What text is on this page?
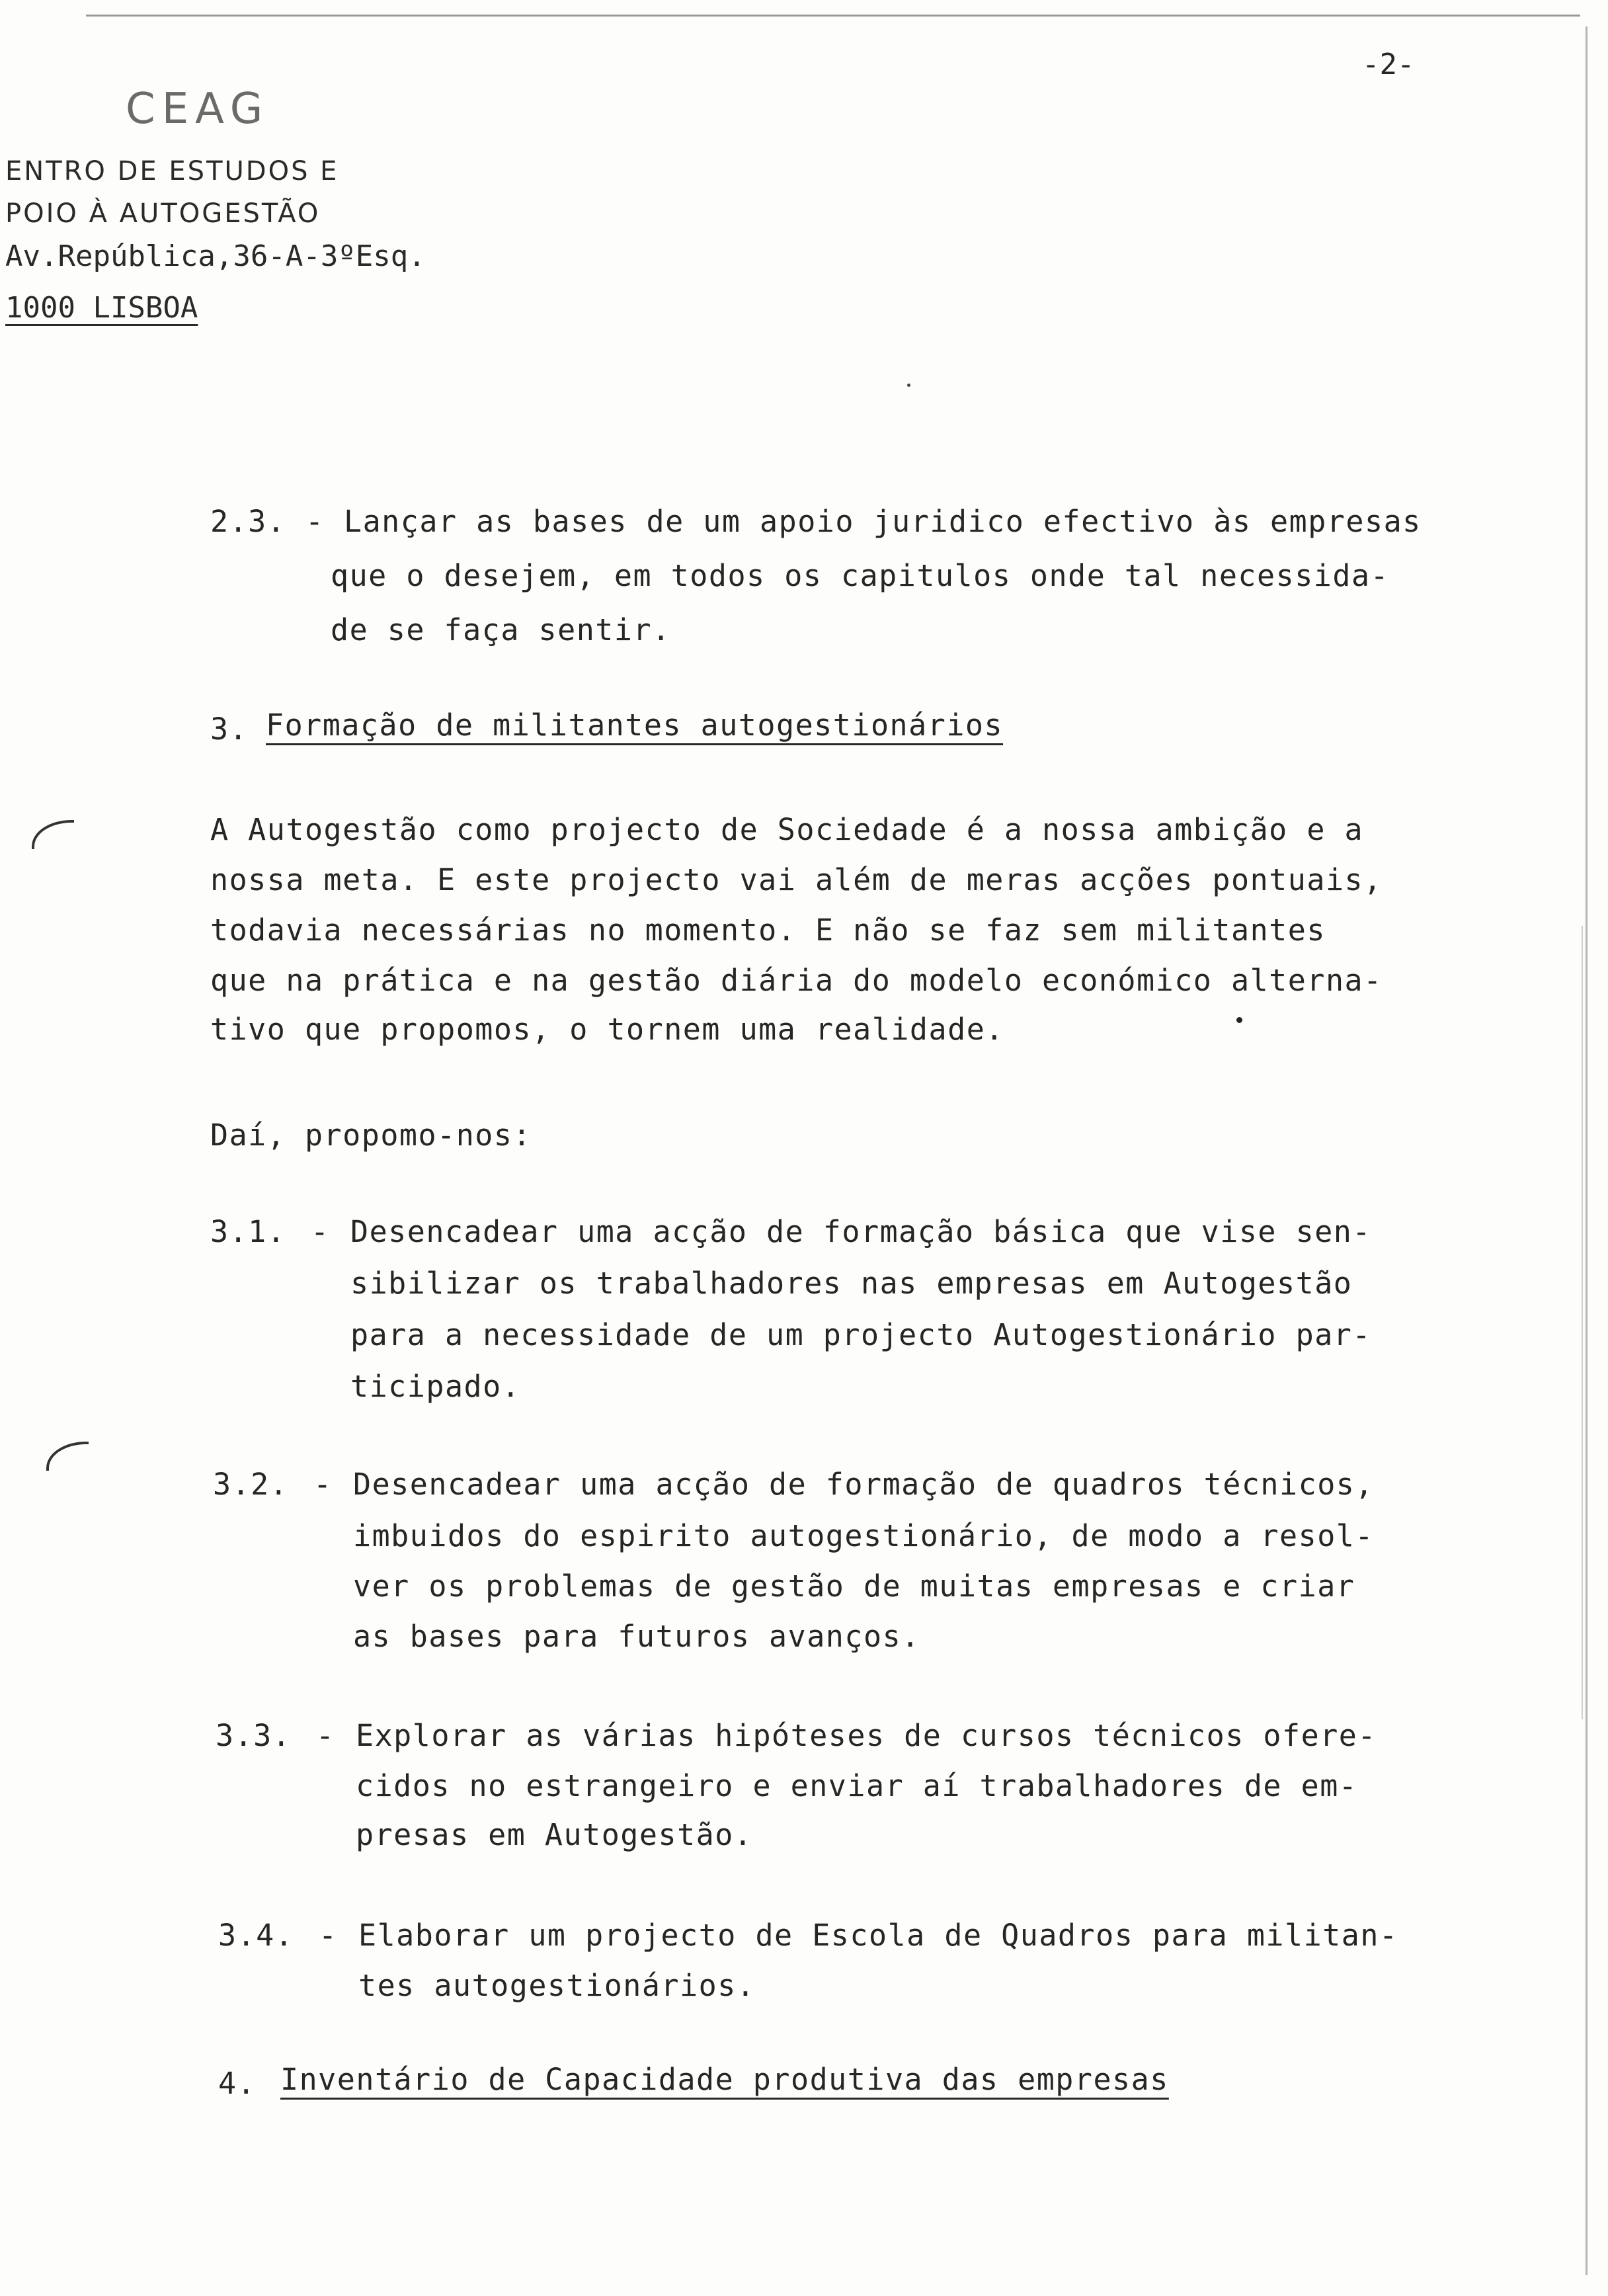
-2-
CEAG
ENTRO DE ESTUDOS E
POIO À AUTOGESTÃO
Av.República,36-A-3ºEsq.
1000 LISBOA
2.3. - Lançar as bases de um apoio juridico efectivo às empresas
que o desejem, em todos os capitulos onde tal necessida-
de se faça sentir.
3. Formação de militantes autogestionários
A Autogestão como projecto de Sociedade é a nossa ambição e a
nossa meta. E este projecto vai além de meras acções pontuais,
todavia necessárias no momento. E não se faz sem militantes
que na prática e na gestão diária do modelo económico alterna-
tivo que propomos, o tornem uma realidade.
Daí, propomo-nos:
3.1. - Desencadear uma acção de formação básica que vise sen-
sibilizar os trabalhadores nas empresas em Autogestão
para a necessidade de um projecto Autogestionário par-
ticipado.
3.2. - Desencadear uma acção de formação de quadros técnicos,
imbuidos do espirito autogestionário, de modo a resol-
ver os problemas de gestão de muitas empresas e criar
as bases para futuros avanços.
3.3. - Explorar as várias hipóteses de cursos técnicos ofere-
cidos no estrangeiro e enviar aí trabalhadores de em-
presas em Autogestão.
3.4. - Elaborar um projecto de Escola de Quadros para militan-
tes autogestionários.
4. Inventário de Capacidade produtiva das empresas
